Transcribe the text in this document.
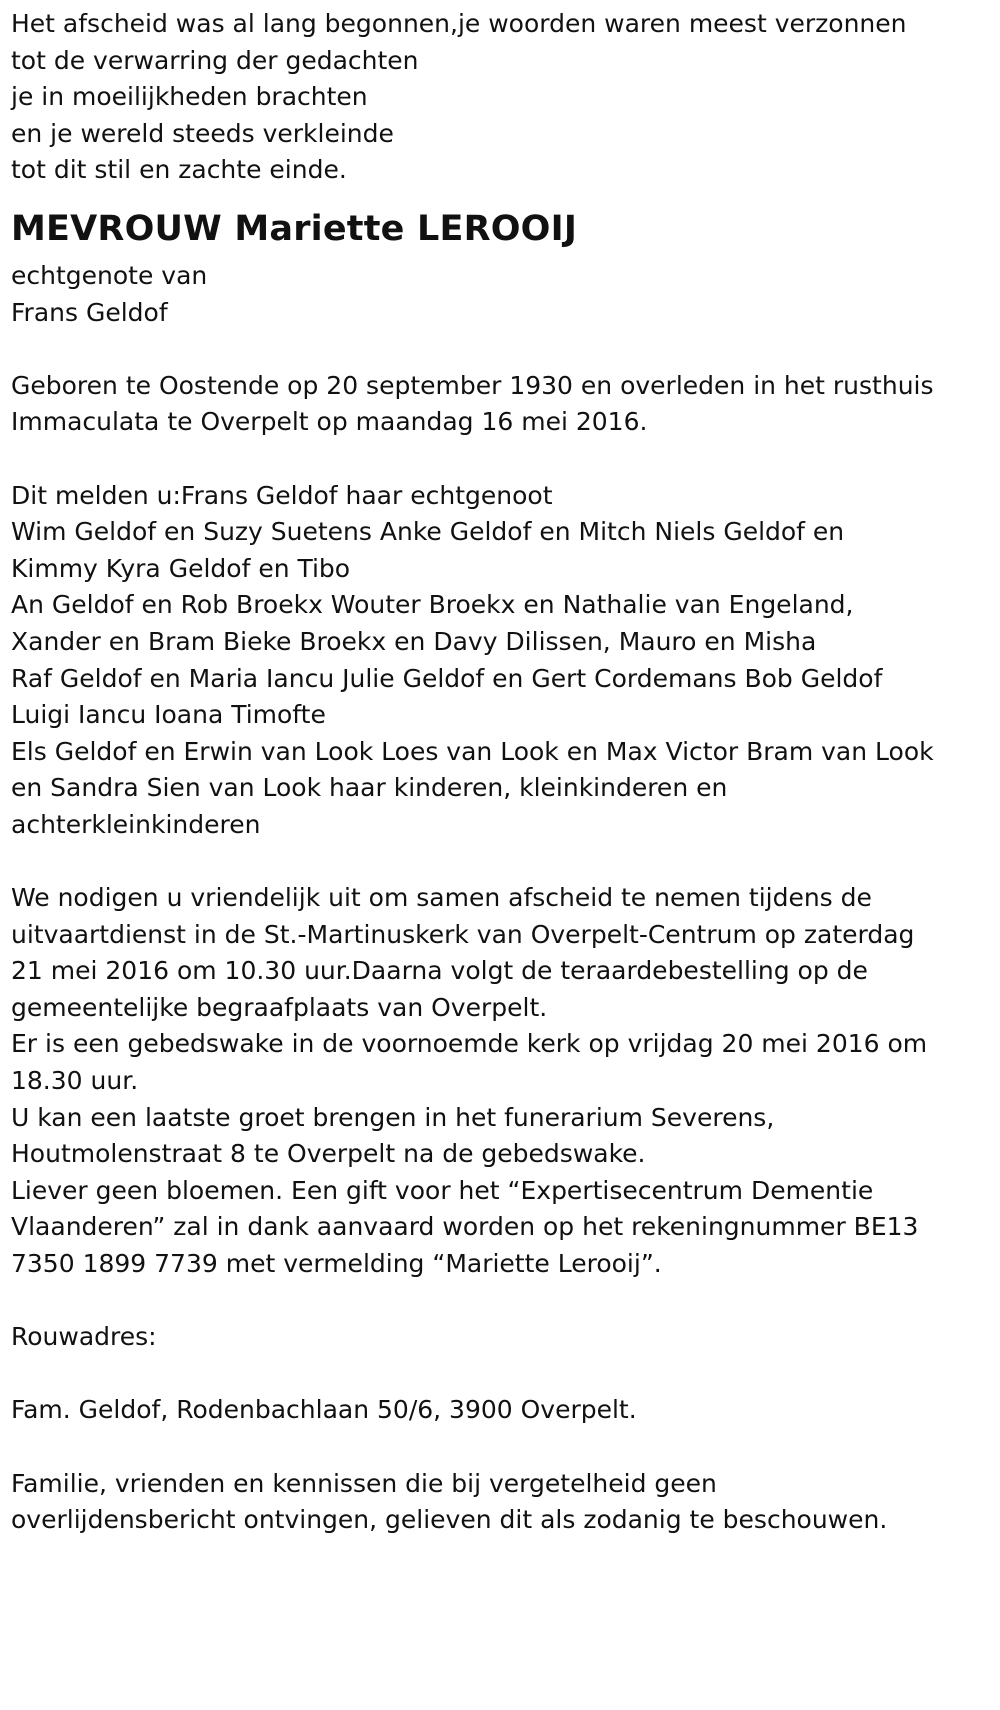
Het afscheid was al lang begonnen,je woorden waren meest verzonnen
tot de verwarring der gedachten
je in moeilijkheden brachten
en je wereld steeds verkleinde
tot dit stil en zachte einde.
MEVROUW Mariette LEROOIJ
echtgenote van
Frans Geldof
Geboren te Oostende op 20 september 1930 en overleden in het rusthuis
Immaculata te Overpelt op maandag 16 mei 2016.
Dit melden u:Frans Geldof haar echtgenoot
Wim Geldof en Suzy Suetens Anke Geldof en Mitch Niels Geldof en
Kimmy Kyra Geldof en Tibo
An Geldof en Rob Broekx Wouter Broekx en Nathalie van Engeland,
Xander en Bram Bieke Broekx en Davy Dilissen, Mauro en Misha
Raf Geldof en Maria Iancu Julie Geldof en Gert Cordemans Bob Geldof
Luigi Iancu Ioana Timofte
Els Geldof en Erwin van Look Loes van Look en Max Victor Bram van Look
en Sandra Sien van Look haar kinderen, kleinkinderen en
achterkleinkinderen
We nodigen u vriendelijk uit om samen afscheid te nemen tijdens de
uitvaartdienst in de St.-Martinuskerk van Overpelt-Centrum op zaterdag
21 mei 2016 om 10.30 uur.Daarna volgt de teraardebestelling op de
gemeentelijke begraafplaats van Overpelt.
Er is een gebedswake in de voornoemde kerk op vrijdag 20 mei 2016 om
18.30 uur.
U kan een laatste groet brengen in het funerarium Severens,
Houtmolenstraat 8 te Overpelt na de gebedswake.
Liever geen bloemen. Een gift voor het “Expertisecentrum Dementie
Vlaanderen” zal in dank aanvaard worden op het rekeningnummer BE13
7350 1899 7739 met vermelding “Mariette Lerooij”.
Rouwadres:
Fam. Geldof, Rodenbachlaan 50/6, 3900 Overpelt.
Familie, vrienden en kennissen die bij vergetelheid geen
overlijdensbericht ontvingen, gelieven dit als zodanig te beschouwen.
